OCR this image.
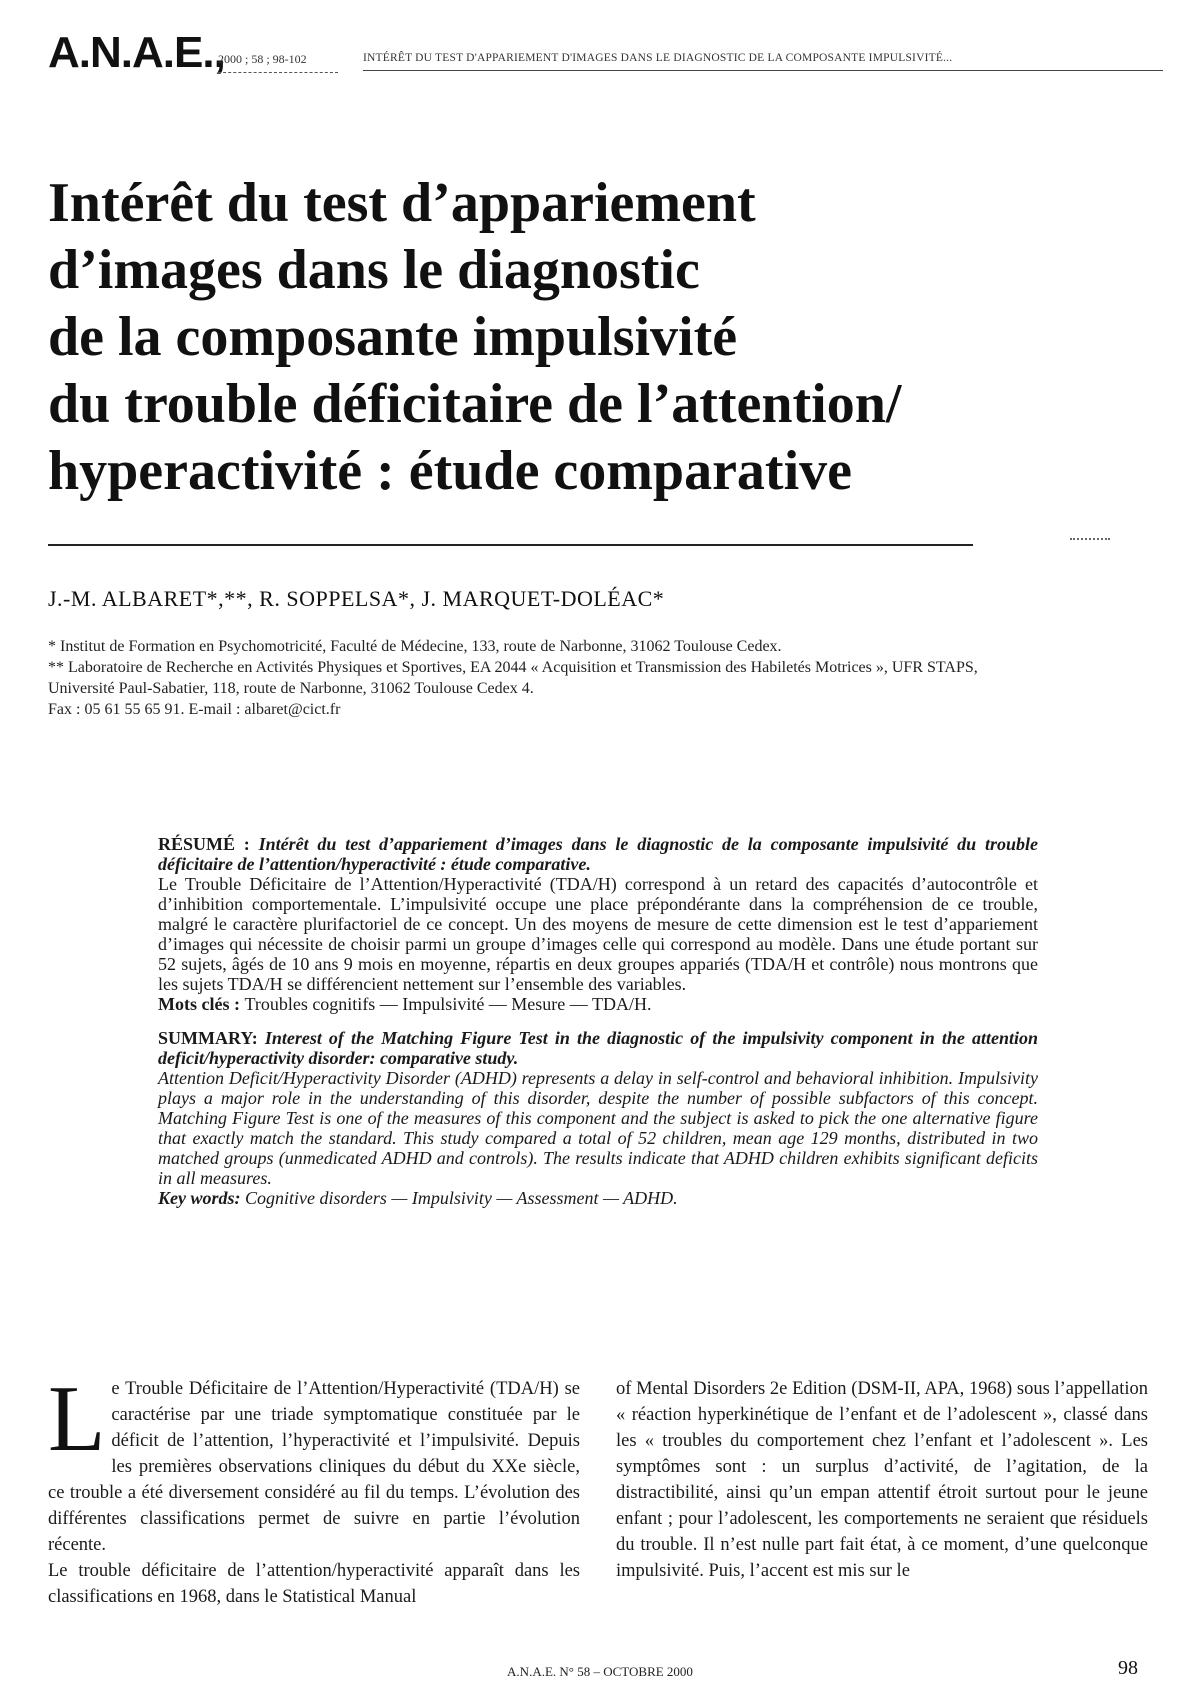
A.N.A.E.,
2000 ; 58 ; 98-102	INTÉRÊT DU TEST D'APPARIEMENT D'IMAGES DANS LE DIAGNOSTIC DE LA COMPOSANTE IMPULSIVITÉ...
Intérêt du test d’appariement
d’images dans le diagnostic
de la composante impulsivité
du trouble déficitaire de l’attention/
hyperactivité : étude comparative
J.-M. ALBARET*,**, R. SOPPELSA*, J. MARQUET-DOLÉAC*

* Institut de Formation en Psychomotricité, Faculté de Médecine, 133, route de Narbonne, 31062 Toulouse Cedex.

** Laboratoire de Recherche en Activités Physiques et Sportives, EA 2044 « Acquisition et Transmission des Habiletés Motrices », UFR STAPS, Université Paul-Sabatier, 118, route de Narbonne, 31062 Toulouse Cedex 4.

Fax : 05 61 55 65 91. E-mail : albaret@cict.fr

RÉSUMÉ : Intérêt du test d’appariement d’images dans le diagnostic de la composante impulsivité du trouble déficitaire de l’attention/hyperactivité : étude comparative.

Le Trouble Déficitaire de l’Attention/Hyperactivité (TDA/H) correspond à un retard des capacités d’autocontrôle et d’inhibition comportementale. L’impulsivité occupe une place prépondérante dans la compréhension de ce trouble, malgré le caractère plurifactoriel de ce concept. Un des moyens de mesure de cette dimension est le test d’appariement d’images qui nécessite de choisir parmi un groupe d’images celle qui correspond au modèle. Dans une étude portant sur 52 sujets, âgés de 10 ans 9 mois en moyenne, répartis en deux groupes appariés (TDA/H et contrôle) nous montrons que les sujets TDA/H se différencient nettement sur l’ensemble des variables.

Mots clés : Troubles cognitifs — Impulsivité — Mesure — TDA/H.

SUMMARY: Interest of the Matching Figure Test in the diagnostic of the impulsivity component in the attention deficit/hyperactivity disorder: comparative study.

Attention Deficit/Hyperactivity Disorder (ADHD) represents a delay in self-control and behavioral inhibition. Impulsivity plays a major role in the understanding of this disorder, despite the number of possible subfactors of this concept. Matching Figure Test is one of the measures of this component and the subject is asked to pick the one alternative figure that exactly match the standard. This study compared a total of 52 children, mean age 129 months, distributed in two matched groups (unmedicated ADHD and controls). The results indicate that ADHD children exhibits significant deficits in all measures.

Key words: Cognitive disorders — Impulsivity — Assessment — ADHD.

Le Trouble Déficitaire de l’Attention/Hyperactivité (TDA/H) se caractérise par une triade symptomatique constituée par le déficit de l’attention, l’hyperactivité et l’impulsivité. Depuis les premières observations cliniques du début du XXe siècle, ce trouble a été diversement considéré au fil du temps. L’évolution des différentes classifications permet de suivre en partie l’évolution récente.

Le trouble déficitaire de l’attention/hyperactivité apparaît dans les classifications en 1968, dans le Statistical Manual

of Mental Disorders 2e Edition (DSM-II, APA, 1968) sous l’appellation « réaction hyperkinétique de l’enfant et de l’adolescent », classé dans les « troubles du comportement chez l’enfant et l’adolescent ». Les symptômes sont : un surplus d’activité, de l’agitation, de la distractibilité, ainsi qu’un empan attentif étroit surtout pour le jeune enfant ; pour l’adolescent, les comportements ne seraient que résiduels du trouble. Il n’est nulle part fait état, à ce moment, d’une quelconque impulsivité. Puis, l’accent est mis sur le

A.N.A.E. N° 58 – OCTOBRE 2000	98
